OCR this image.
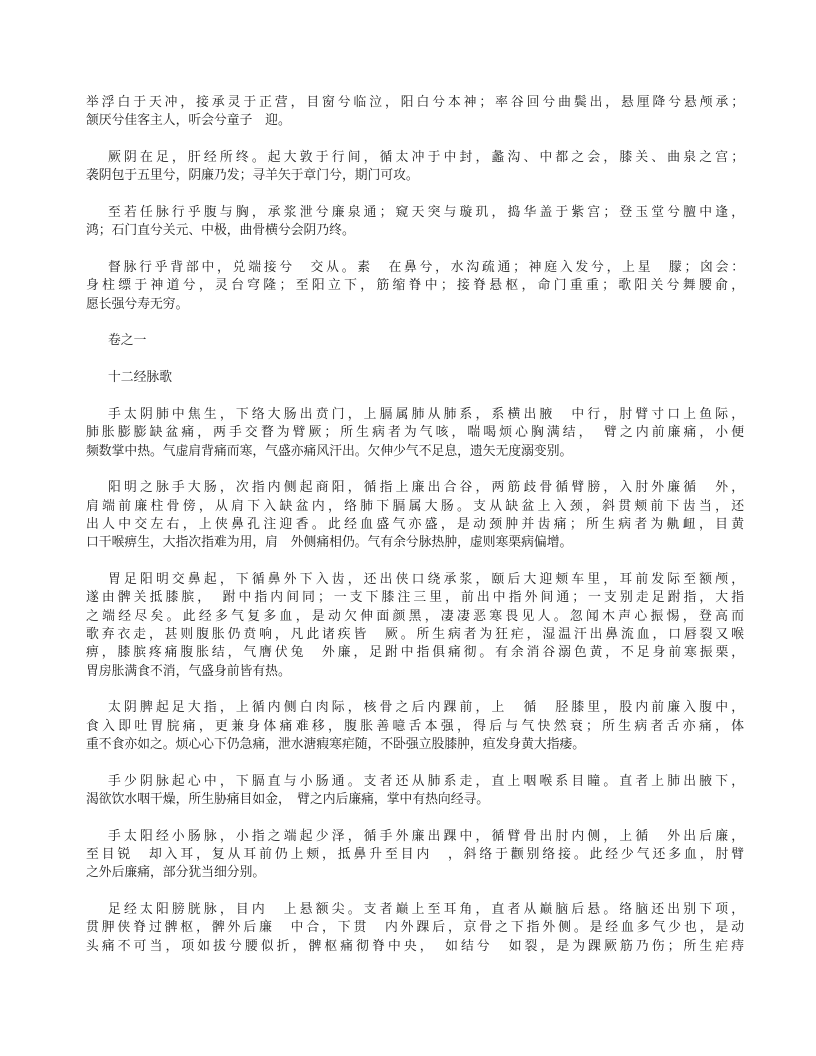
举浮白于天冲，接承灵于正营，目窗兮临泣，阳白兮本神；率谷回兮曲鬓出，悬厘降兮悬颅承；
颔厌兮佳客主人，听会兮童子　迎。
厥阴在足，肝经所终。起大敦于行间，循太冲于中封，蠡沟、中都之会，膝关、曲泉之宫；
袭阴包于五里兮，阴廉乃发；寻羊矢于章门兮，期门可攻。
至若任脉行乎腹与胸，承浆泄兮廉泉通；窥天突与璇玑，捣华盖于紫宫；登玉堂兮膻中逢，
鸿；石门直兮关元、中极，曲骨横兮会阴乃终。
督脉行乎背部中，兑端接兮　交从。素　在鼻兮，水沟疏通；神庭入发兮，上星　朦；囟会：
身柱缥于神道兮，灵台穹隆；至阳立下，筋缩脊中；接脊悬枢，命门重重；歌阳关兮舞腰俞，
愿长强兮寿无穷。
卷之一
十二经脉歌
手太阴肺中焦生，下络大肠出贲门，上膈属肺从肺系，系横出腋　中行，肘臂寸口上鱼际，
肺胀膨膨缺盆痛，两手交瞀为臂厥；所生病者为气咳，喘喝烦心胸满结，　臂之内前廉痛，小便
频数掌中热。气虚肩背痛而寒，气盛亦痛风汗出。欠伸少气不足息，遗矢无度溺变别。
阳明之脉手大肠，次指内侧起商阳，循指上廉出合谷，两筋歧骨循臂膀，入肘外廉循　外，
肩端前廉柱骨傍，从肩下入缺盆内，络肺下膈属大肠。支从缺盆上入颈，斜贯颊前下齿当，还
出人中交左右，上侠鼻孔注迎香。此经血盛气亦盛，是动颈肿并齿痛；所生病者为鼽衄，目黄
口干喉痹生，大指次指难为用，肩　外侧痛相仍。气有余兮脉热肿，虚则寒栗病偏增。
胃足阳明交鼻起，下循鼻外下入齿，还出侠口绕承浆，颐后大迎颊车里，耳前发际至额颅，
遂由髀关抵膝膑，　跗中指内间同；一支下膝注三里，前出中指外间通；一支别走足跗指，大指
之端经尽矣。此经多气复多血，是动欠伸面颜黑，凄凄恶寒畏见人。忽闻木声心振惕，登高而
歌弃衣走，甚则腹胀仍贲响，凡此诸疾皆　厥。所生病者为狂疟，湿温汗出鼻流血，口唇裂又喉
痹，膝膑疼痛腹胀结，气膺伏兔　外廉，足跗中指俱痛彻。有余消谷溺色黄，不足身前寒振栗，
胃房胀满食不消，气盛身前皆有热。
太阴脾起足大指，上循内侧白肉际，核骨之后内踝前，上　循　胫膝里，股内前廉入腹中，
食入即吐胃脘痛，更兼身体痛难移，腹胀善噫舌本强，得后与气快然衰；所生病者舌亦痛，体
重不食亦如之。烦心心下仍急痛，泄水溏瘕寒疟随，不卧强立股膝肿，疸发身黄大指痿。
手少阴脉起心中，下膈直与小肠通。支者还从肺系走，直上咽喉系目瞳。直者上肺出腋下，
渴欲饮水咽干燥，所生胁痛目如金，　臂之内后廉痛，掌中有热向经寻。
手太阳经小肠脉，小指之端起少泽，循手外廉出踝中，循臂骨出肘内侧，上循　外出后廉，
至目锐　却入耳，复从耳前仍上颊，抵鼻升至目内　，斜络于颧别络接。此经少气还多血，肘臂
之外后廉痛，部分犹当细分别。
足经太阳膀胱脉，目内　上悬额尖。支者巅上至耳角，直者从巅脑后悬。络脑还出别下项，
贯胛侠脊过髀枢，髀外后廉　中合，下贯　内外踝后，京骨之下指外侧。是经血多气少也，是动
头痛不可当，项如拔兮腰似折，髀枢痛彻脊中央，　如结兮　如裂，是为踝厥筋乃伤；所生疟痔
